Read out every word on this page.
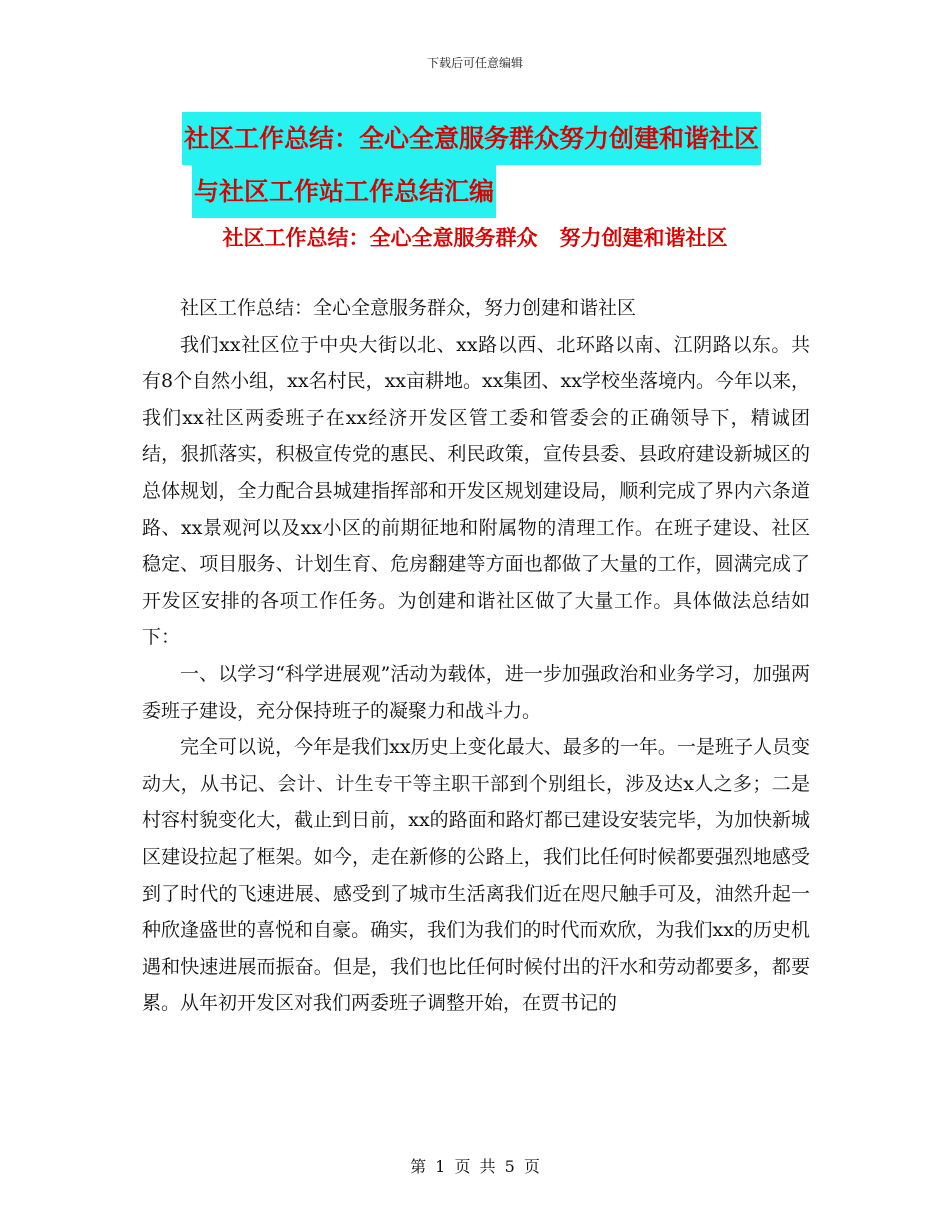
下载后可任意编辑
社区工作总结：全心全意服务群众努力创建和谐社区
与社区工作站工作总结汇编
社区工作总结：全心全意服务群众   努力创建和谐社区

社区工作总结：全心全意服务群众，努力创建和谐社区

我们xx社区位于中央大街以北、xx路以西、北环路以南、江阴路以东。共有8个自然小组，xx名村民，xx亩耕地。xx集团、xx学校坐落境内。今年以来，我们xx社区两委班子在xx经济开发区管工委和管委会的正确领导下，精诚团结，狠抓落实，积极宣传党的惠民、利民政策，宣传县委、县政府建设新城区的总体规划，全力配合县城建指挥部和开发区规划建设局，顺利完成了界内六条道路、xx景观河以及xx小区的前期征地和附属物的清理工作。在班子建设、社区稳定、项目服务、计划生育、危房翻建等方面也都做了大量的工作，圆满完成了开发区安排的各项工作任务。为创建和谐社区做了大量工作。具体做法总结如下：

一、以学习“科学进展观”活动为载体，进一步加强政治和业务学习，加强两委班子建设，充分保持班子的凝聚力和战斗力。

完全可以说，今年是我们xx历史上变化最大、最多的一年。一是班子人员变动大，从书记、会计、计生专干等主职干部到个别组长，涉及达x人之多；二是村容村貌变化大，截止到日前，xx的路面和路灯都已建设安装完毕，为加快新城区建设拉起了框架。如今，走在新修的公路上，我们比任何时候都要强烈地感受到了时代的飞速进展、感受到了城市生活离我们近在咫尺触手可及，油然升起一种欣逢盛世的喜悦和自豪。确实，我们为我们的时代而欢欣，为我们xx的历史机遇和快速进展而振奋。但是，我们也比任何时候付出的汗水和劳动都要多，都要累。从年初开发区对我们两委班子调整开始，在贾书记的

第 1 页 共 5 页
